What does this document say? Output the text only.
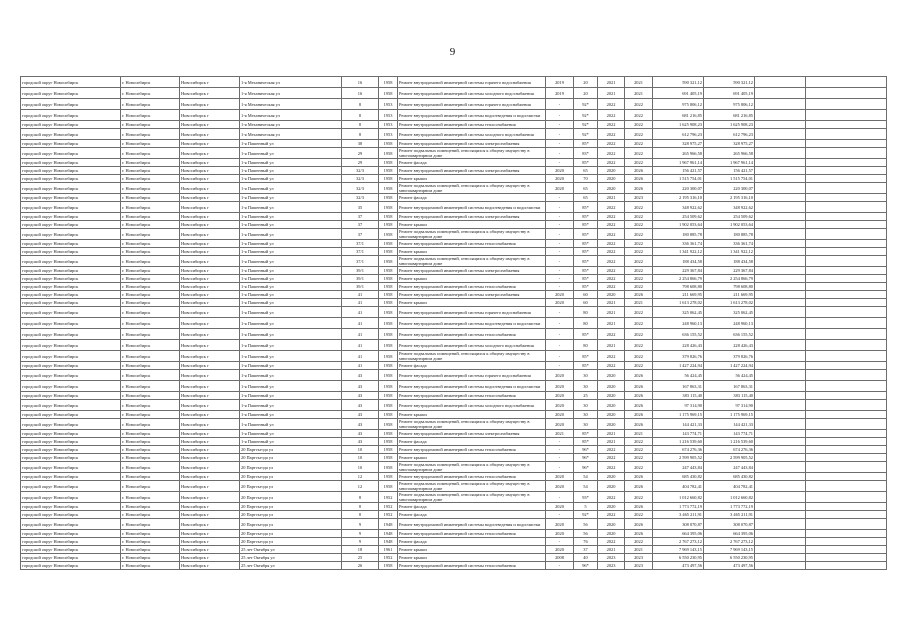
9
городской округ Новосибирск	г. Новосибирск	Новосибирск г	1-я Механическая ул	16	1958	Ремонт внутридомовой инженерной системы горячего водоснабжения	2019	20	2021	2021	590 321,12	590 321,12		
городской округ Новосибирск	г. Новосибирск	Новосибирск г	1-я Механическая ул	16	1958	Ремонт внутридомовой инженерной системы холодного водоснабжения	2019	20	2021	2021	691 405,19	691 405,19		
городской округ Новосибирск	г. Новосибирск	Новосибирск г	1-я Механическая ул	8	1953	Ремонт внутридомовой инженерной системы горячего водоснабжения	-	92*	2022	2022	975 806,12	975 806,12		
городской округ Новосибирск	г. Новосибирск	Новосибирск г	1-я Механическая ул	8	1953	Ремонт внутридомовой инженерной системы водоотведения и водоочистки	-	92*	2022	2022	681 216,85	681 216,85		
городской округ Новосибирск	г. Новосибирск	Новосибирск г	1-я Механическая ул	8	1953	Ремонт внутридомовой инженерной системы теплоснабжения	-	92*	2022	2022	1 625 908,23	1 625 908,23		
городской округ Новосибирск	г. Новосибирск	Новосибирск г	1-я Механическая ул	8	1953	Ремонт внутридомовой инженерной системы холодного водоснабжения	-	92*	2022	2022	612 796,23	612 796,23		
городской округ Новосибирск	г. Новосибирск	Новосибирск г	1-я Пашенный ул	38	1958	Ремонт внутридомовой инженерной системы электроснабжения	-	85*	2022	2022	328 975,27	328 975,27		
городской округ Новосибирск	г. Новосибирск	Новосибирск г	1-я Пашенный ул	29	1958	Ремонт подвальных помещений, относящихся к общему имуществу в многоквартирном доме	-	83*	2022	2022	265 966,58	265 966,58		
городской округ Новосибирск	г. Новосибирск	Новосибирск г	1-я Пашенный ул	29	1958	Ремонт фасада	-	85*	2022	2022	1 967 961,14	1 967 961,14		
городской округ Новосибирск	г. Новосибирск	Новосибирск г	1-я Пашенный ул	32/3	1958	Ремонт внутридомовой инженерной системы электроснабжения	2020	65	2020	2026	156 421,57	156 421,57		
городской округ Новосибирск	г. Новосибирск	Новосибирск г	1-я Пашенный ул	32/3	1958	Ремонт крыши	2020	70	2020	2026	1 515 754,01	1 515 754,01		
городской округ Новосибирск	г. Новосибирск	Новосибирск г	1-я Пашенный ул	32/3	1958	Ремонт подвальных помещений, относящихся к общему имуществу в многоквартирном доме	2020	65	2020	2026	220 300,07	220 300,07		
городской округ Новосибирск	г. Новосибирск	Новосибирск г	1-я Пашенный ул	32/3	1958	Ремонт фасада	-	65	2021	2023	2 195 316,10	2 195 316,10		
городской округ Новосибирск	г. Новосибирск	Новосибирск г	1-я Пашенный ул	35	1958	Ремонт внутридомовой инженерной системы водоотведения и водоочистки	-	85*	2022	2022	348 922,62	348 922,62		
городской округ Новосибирск	г. Новосибирск	Новосибирск г	1-я Пашенный ул	37	1958	Ремонт внутридомовой инженерной системы электроснабжения	-	85*	2022	2022	254 509,62	254 509,62		
городской округ Новосибирск	г. Новосибирск	Новосибирск г	1-я Пашенный ул	37	1958	Ремонт крыши	-	85*	2022	2022	1 902 053,64	1 902 053,64		
городской округ Новосибирск	г. Новосибирск	Новосибирск г	1-я Пашенный ул	37	1958	Ремонт подвальных помещений, относящихся к общему имуществу в многоквартирном доме	-	85*	2022	2022	180 885,78	180 885,78		
городской округ Новосибирск	г. Новосибирск	Новосибирск г	1-я Пашенный ул	37/1	1958	Ремонт внутридомовой инженерной системы теплоснабжения	-	85*	2022	2022	336 361,74	336 361,74		
городской округ Новосибирск	г. Новосибирск	Новосибирск г	1-я Пашенный ул	37/1	1958	Ремонт крыши	-	85*	2022	2022	1 341 922,12	1 341 922,12		
городской округ Новосибирск	г. Новосибирск	Новосибирск г	1-я Пашенный ул	37/1	1958	Ремонт подвальных помещений, относящихся к общему имуществу в многоквартирном доме	-	85*	2022	2022	188 434,58	188 434,58		
городской округ Новосибирск	г. Новосибирск	Новосибирск г	1-я Пашенный ул	39/1	1958	Ремонт внутридомовой инженерной системы электроснабжения	-	85*	2022	2022	229 367,84	229 367,84		
городской округ Новосибирск	г. Новосибирск	Новосибирск г	1-я Пашенный ул	39/1	1958	Ремонт крыши	-	85*	2022	2022	2 254 866,79	2 254 866,79		
городской округ Новосибирск	г. Новосибирск	Новосибирск г	1-я Пашенный ул	39/1	1958	Ремонт внутридомовой инженерной системы теплоснабжения	-	85*	2022	2022	798 608,80	798 608,80		
городской округ Новосибирск	г. Новосибирск	Новосибирск г	1-я Пашенный ул	41	1958	Ремонт внутридомовой инженерной системы электроснабжения	2020	60	2020	2026	211 669,95	211 669,95		
городской округ Новосибирск	г. Новосибирск	Новосибирск г	1-я Пашенный ул	41	1958	Ремонт крыши	2020	60	2021	2021	1 613 278,02	1 613 278,02		
городской округ Новосибирск	г. Новосибирск	Новосибирск г	1-я Пашенный ул	41	1958	Ремонт внутридомовой инженерной системы горячего водоснабжения	-	80	2021	2022	325 062,45	325 062,45		
городской округ Новосибирск	г. Новосибирск	Новосибирск г	1-я Пашенный ул	41	1958	Ремонт внутридомовой инженерной системы водоотведения и водоочистки	-	80	2021	2022	248 960,13	248 960,13		
городской округ Новосибирск	г. Новосибирск	Новосибирск г	1-я Пашенный ул	41	1958	Ремонт внутридомовой инженерной системы теплоснабжения	-	85*	2022	2022	636 155,52	636 155,52		
городской округ Новосибирск	г. Новосибирск	Новосибирск г	1-я Пашенный ул	41	1958	Ремонт внутридомовой инженерной системы холодного водоснабжения	-	80	2021	2022	228 426,43	228 426,43		
городской округ Новосибирск	г. Новосибирск	Новосибирск г	1-я Пашенный ул	41	1958	Ремонт подвальных помещений, относящихся к общему имуществу в многоквартирном доме	-	85*	2022	2022	379 826,76	379 826,76		
городской округ Новосибирск	г. Новосибирск	Новосибирск г	1-я Пашенный ул	41	1958	Ремонт фасада	-	85*	2022	2022	1 427 224,94	1 427 224,94		
городской округ Новосибирск	г. Новосибирск	Новосибирск г	1-я Пашенный ул	43	1958	Ремонт внутридомовой инженерной системы горячего водоснабжения	2020	30	2020	2026	56 424,45	56 424,45		
городской округ Новосибирск	г. Новосибирск	Новосибирск г	1-я Пашенный ул	43	1958	Ремонт внутридомовой инженерной системы водоотведения и водоочистки	2020	30	2020	2026	167 863,31	167 863,31		
городской округ Новосибирск	г. Новосибирск	Новосибирск г	1-я Пашенный ул	43	1958	Ремонт внутридомовой инженерной системы теплоснабжения	2020	25	2020	2026	383 115,40	383 115,40		
городской округ Новосибирск	г. Новосибирск	Новосибирск г	1-я Пашенный ул	43	1958	Ремонт внутридомовой инженерной системы холодного водоснабжения	2020	30	2020	2026	97 314,90	97 314,90		
городской округ Новосибирск	г. Новосибирск	Новосибирск г	1-я Пашенный ул	43	1958	Ремонт крыши	2020	30	2020	2026	1 175 969,15	1 175 969,15		
городской округ Новосибирск	г. Новосибирск	Новосибирск г	1-я Пашенный ул	43	1958	Ремонт подвальных помещений, относящихся к общему имуществу в многоквартирном доме	2020	30	2020	2026	144 421,33	144 421,33		
городской округ Новосибирск	г. Новосибирск	Новосибирск г	1-я Пашенный ул	43	1958	Ремонт внутридомовой инженерной системы электроснабжения	2021	85*	2021	2021	143 774,71	143 774,71		
городской округ Новосибирск	г. Новосибирск	Новосибирск г	1-я Пашенный ул	43	1958	Ремонт фасада	-	85*	2021	2022	1 216 539,60	1 216 539,60		
городской округ Новосибирск	г. Новосибирск	Новосибирск г	20 Партсъезда ул	10	1958	Ремонт внутридомовой инженерной системы теплоснабжения	-	96*	2022	2022	674 276,36	674 276,36		
городской округ Новосибирск	г. Новосибирск	Новосибирск г	20 Партсъезда ул	10	1958	Ремонт крыши	-	96*	2022	2022	2 599 905,52	2 599 905,52		
городской округ Новосибирск	г. Новосибирск	Новосибирск г	20 Партсъезда ул	10	1958	Ремонт подвальных помещений, относящихся к общему имуществу в многоквартирном доме	-	96*	2022	2022	247 443,84	247 443,84		
городской округ Новосибирск	г. Новосибирск	Новосибирск г	20 Партсъезда ул	12	1958	Ремонт внутридомовой инженерной системы теплоснабжения	2020	54	2020	2026	685 430,82	685 430,82		
городской округ Новосибирск	г. Новосибирск	Новосибирск г	20 Партсъезда ул	12	1958	Ремонт подвальных помещений, относящихся к общему имуществу в многоквартирном доме	2020	54	2020	2026	404 782,41	404 782,41		
городской округ Новосибирск	г. Новосибирск	Новосибирск г	20 Партсъезда ул	8	1952	Ремонт подвальных помещений, относящихся к общему имуществу в многоквартирном доме	-	93*	2022	2022	1 012 660,82	1 012 660,82		
городской округ Новосибирск	г. Новосибирск	Новосибирск г	20 Партсъезда ул	8	1952	Ремонт фасада	2020	5	2020	2026	1 773 772,19	1 773 772,19		
городской округ Новосибирск	г. Новосибирск	Новосибирск г	20 Партсъезда ул	8	1952	Ремонт фасада	-	92*	2022	2022	3 465 211,91	3 465 211,91		
городской округ Новосибирск	г. Новосибирск	Новосибирск г	20 Партсъезда ул	9	1948	Ремонт внутридомовой инженерной системы водоотведения и водоочистки	2020	56	2020	2026	308 070,87	308 070,87		
городской округ Новосибирск	г. Новосибирск	Новосибирск г	20 Партсъезда ул	9	1948	Ремонт внутридомовой инженерной системы теплоснабжения	2020	56	2020	2026	664 395,06	664 395,06		
городской округ Новосибирск	г. Новосибирск	Новосибирск г	20 Партсъезда ул	9	1948	Ремонт фасада	-	76	2022	2022	2 767 273,12	2 767 273,12		
городской округ Новосибирск	г. Новосибирск	Новосибирск г	25 лет Октября ул	18	1961	Ремонт крыши	2020	37	2021	2021	7 969 143,15	7 969 143,15		
городской округ Новосибирск	г. Новосибирск	Новосибирск г	25 лет Октября ул	25	1952	Ремонт крыши	2008	40	2023	2023	6 550 230,95	6 550 230,95		
городской округ Новосибирск	г. Новосибирск	Новосибирск г	25 лет Октября ул	26	1958	Ремонт внутридомовой инженерной системы теплоснабжения	-	96*	2023	2023	473 497,56	473 497,56		
